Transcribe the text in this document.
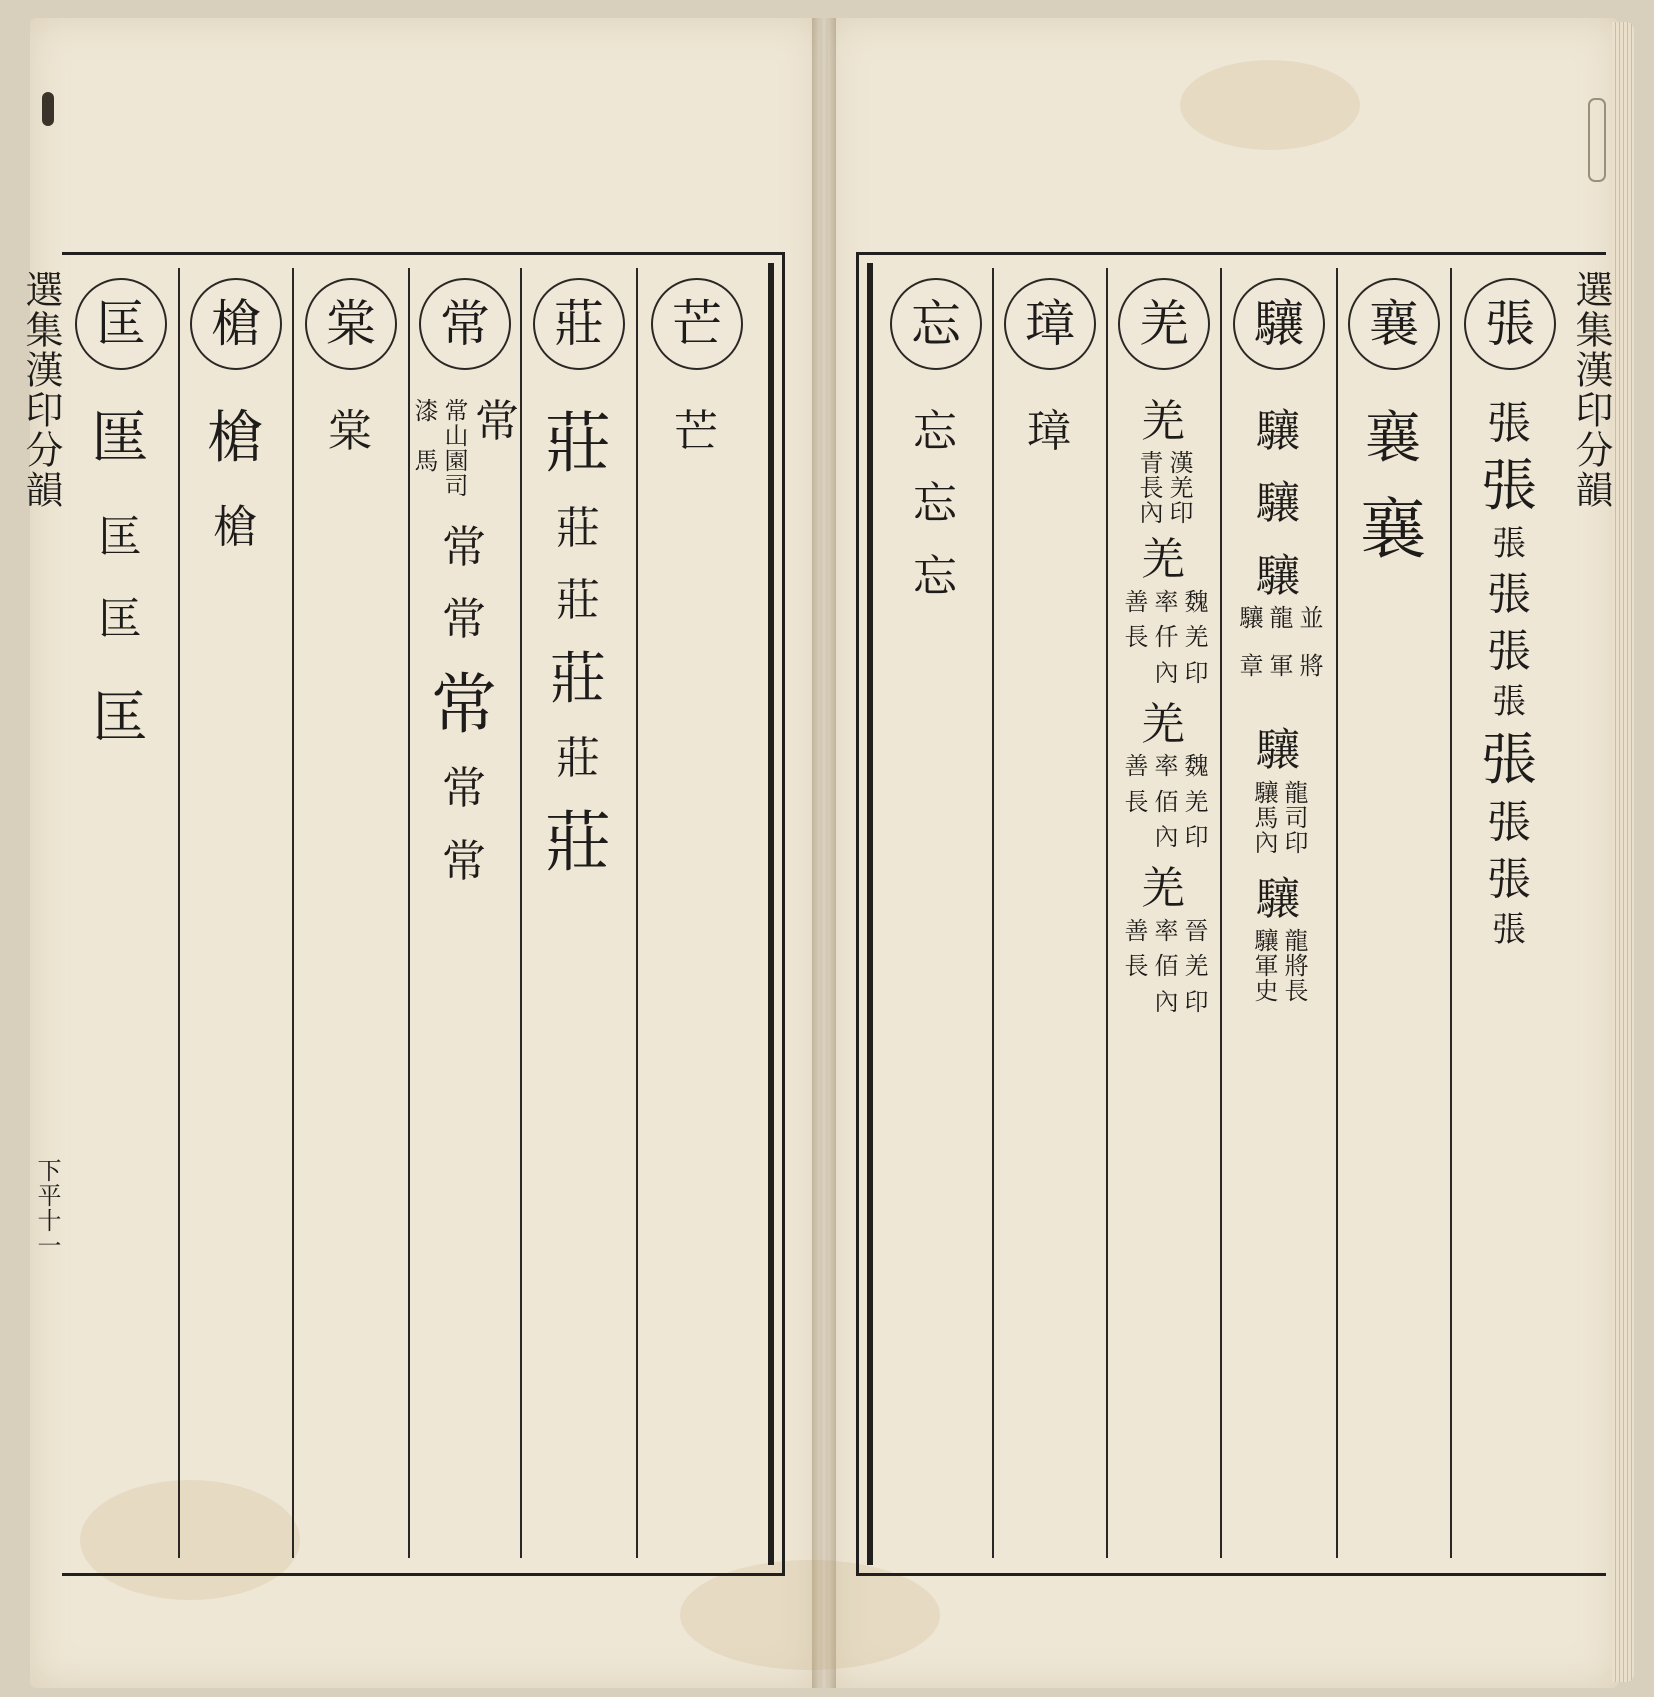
選集漢印分韻
下平十一
選集漢印分韻
匡
匩
匡
匡
匡
槍
槍
槍
棠
棠
常
常山漆
園司馬
常
常
常
常
常
常
莊
莊
莊
莊
莊
莊
莊
芒
芒
忘
忘
忘
忘
璋
璋
羌
羌
漢青
羌長
印內
羌
魏率善
羌仟長
印內
羌
魏率善
羌佰長
印內
羌
晉率善
羌佰長
印內
驤
驤
驤
驤
並龍驤
將軍章
驤
龍驤
司馬
印內
驤
龍驤
將軍
長史
襄
襄
襄
張
張
張
張
張
張
張
張
張
張
張
